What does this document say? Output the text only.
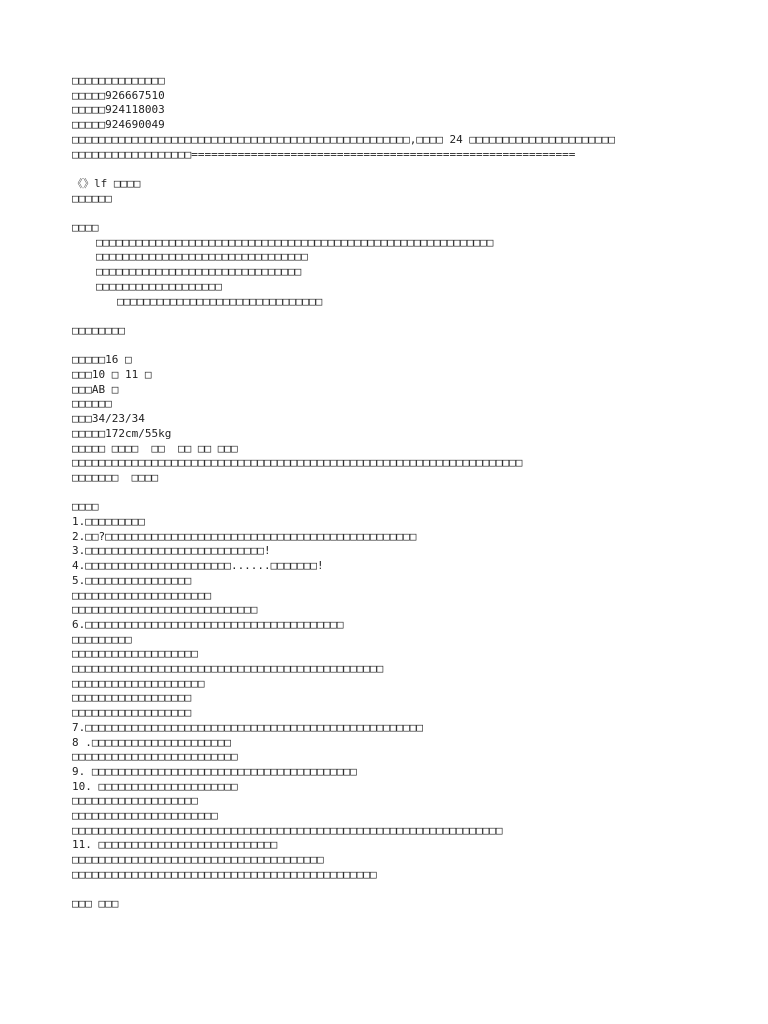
□□□□□□□□□□□□□□
□□□□□926667510
□□□□□924118003
□□□□□924690049
□□□□□□□□□□□□□□□□□□□□□□□□□□□□□□□□□□□□□□□□□□□□□□□□□□□,□□□□ 24 □□□□□□□□□□□□□□□□□□□□□□
□□□□□□□□□□□□□□□□□□==========================================================
《》lf □□□□
□□□□□□
□□□□
□□□□□□□□□□□□□□□□□□□□□□□□□□□□□□□□□□□□□□□□□□□□□□□□□□□□□□□□□□□□
□□□□□□□□□□□□□□□□□□□□□□□□□□□□□□□□
□□□□□□□□□□□□□□□□□□□□□□□□□□□□□□□
□□□□□□□□□□□□□□□□□□□
□□□□□□□□□□□□□□□□□□□□□□□□□□□□□□□
□□□□□□□□
□□□□□16 □
□□□10 □ 11 □
□□□AB □
□□□□□□
□□□34/23/34
□□□□□172cm/55kg
□□□□□ □□□□  □□  □□ □□ □□□
□□□□□□□□□□□□□□□□□□□□□□□□□□□□□□□□□□□□□□□□□□□□□□□□□□□□□□□□□□□□□□□□□□□□
□□□□□□□  □□□□
□□□□
1.□□□□□□□□□
2.□□?□□□□□□□□□□□□□□□□□□□□□□□□□□□□□□□□□□□□□□□□□□□□□□□
3.□□□□□□□□□□□□□□□□□□□□□□□□□□□!
4.□□□□□□□□□□□□□□□□□□□□□□......□□□□□□□!
5.□□□□□□□□□□□□□□□□
□□□□□□□□□□□□□□□□□□□□□
□□□□□□□□□□□□□□□□□□□□□□□□□□□□
6.□□□□□□□□□□□□□□□□□□□□□□□□□□□□□□□□□□□□□□□
□□□□□□□□□
□□□□□□□□□□□□□□□□□□□
□□□□□□□□□□□□□□□□□□□□□□□□□□□□□□□□□□□□□□□□□□□□□□□
□□□□□□□□□□□□□□□□□□□□
□□□□□□□□□□□□□□□□□□
□□□□□□□□□□□□□□□□□□
7.□□□□□□□□□□□□□□□□□□□□□□□□□□□□□□□□□□□□□□□□□□□□□□□□□□□
8 .□□□□□□□□□□□□□□□□□□□□□
□□□□□□□□□□□□□□□□□□□□□□□□□
9. □□□□□□□□□□□□□□□□□□□□□□□□□□□□□□□□□□□□□□□□
10. □□□□□□□□□□□□□□□□□□□□□
□□□□□□□□□□□□□□□□□□□
□□□□□□□□□□□□□□□□□□□□□□
□□□□□□□□□□□□□□□□□□□□□□□□□□□□□□□□□□□□□□□□□□□□□□□□□□□□□□□□□□□□□□□□□
11. □□□□□□□□□□□□□□□□□□□□□□□□□□□
□□□□□□□□□□□□□□□□□□□□□□□□□□□□□□□□□□□□□□
□□□□□□□□□□□□□□□□□□□□□□□□□□□□□□□□□□□□□□□□□□□□□□
□□□ □□□
